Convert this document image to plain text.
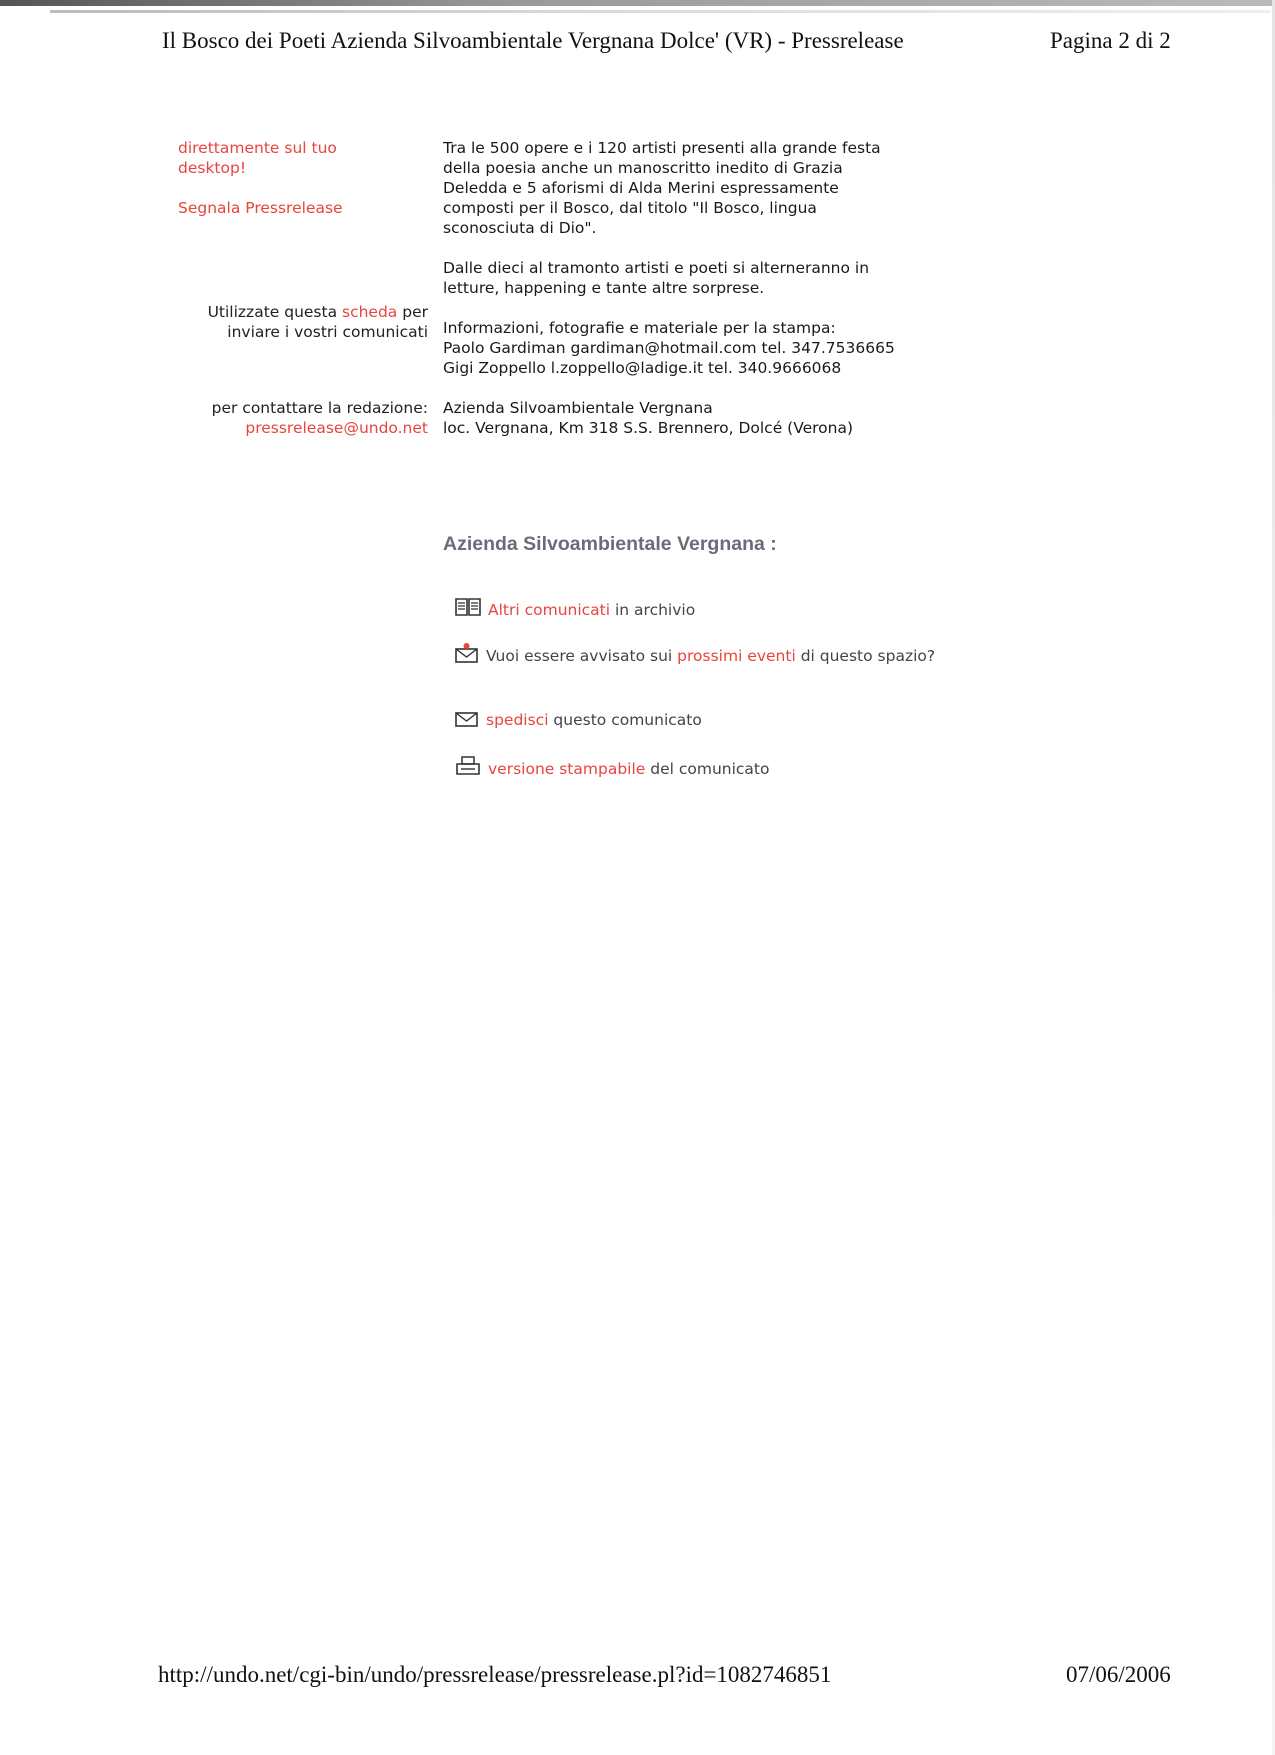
Il Bosco dei Poeti Azienda Silvoambientale Vergnana Dolce' (VR) - Pressrelease	Pagina 2 di 2
direttamente sul tuo desktop!
Segnala Pressrelease
Utilizzate questa scheda per inviare i vostri comunicati
per contattare la redazione:
pressrelease@undo.net

Tra le 500 opere e i 120 artisti presenti alla grande festa
della poesia anche un manoscritto inedito di Grazia
Deledda e 5 aforismi di Alda Merini espressamente
composti per il Bosco, dal titolo "Il Bosco, lingua
sconosciuta di Dio".

Dalle dieci al tramonto artisti e poeti si alterneranno in
letture, happening e tante altre sorprese.

Informazioni, fotografie e materiale per la stampa:
Paolo Gardiman gardiman@hotmail.com tel. 347.7536665
Gigi Zoppello l.zoppello@ladige.it tel. 340.9666068

Azienda Silvoambientale Vergnana
loc. Vergnana, Km 318 S.S. Brennero, Dolcé (Verona)

Azienda Silvoambientale Vergnana :
Altri comunicati in archivio
Vuoi essere avvisato sui prossimi eventi di questo spazio?
spedisci questo comunicato
versione stampabile del comunicato
http://undo.net/cgi-bin/undo/pressrelease/pressrelease.pl?id=1082746851	07/06/2006
